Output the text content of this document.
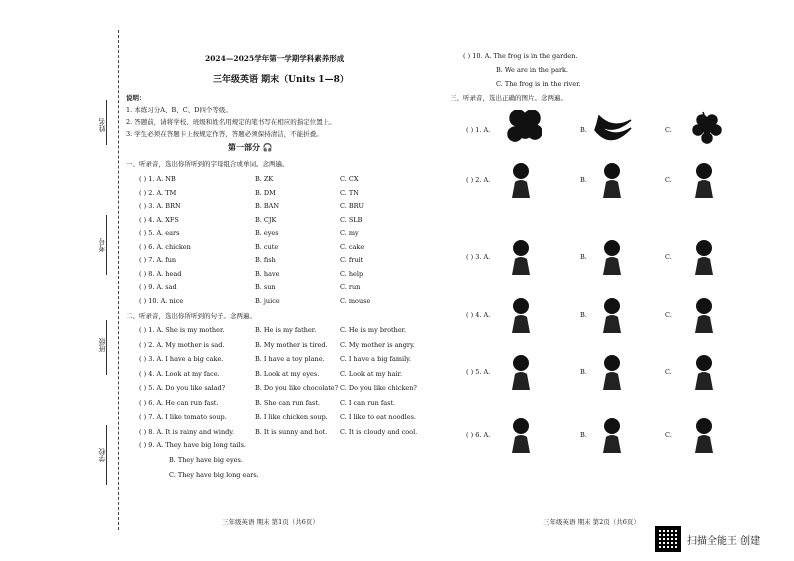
姓名
考号
班级
学校
2024—2025学年第一学期学科素养形成
三年级英语 期末（Units 1—8）
说明：
1. 本练习分A、B、C、D四个等级。
2. 答题前，请将学校、班级和姓名用规定的笔书写在相应的指定位置上。
3. 学生必须在答题卡上按规定作答，答题必须保持清洁，不能折叠。
第一部分 🎧
一、听录音，选出你所听到的字母组合或单词。念两遍。
( ) 1. A. NB	B. ZK	C. CX
( ) 2. A. TM	B. DM	C. TN
( ) 3. A. BRN	B. BAN	C. BRU
( ) 4. A. XFS	B. CJK	C. SLB
( ) 5. A. ears	B. eyes	C. my
( ) 6. A. chicken	B. cute	C. cake
( ) 7. A. fun	B. fish	C. fruit
( ) 8. A. head	B. have	C. help
( ) 9. A. sad	B. sun	C. run
( ) 10. A. nice	B. juice	C. mouse
二、听录音，选出你所听到的句子。念两遍。
( ) 1. A. She is my mother.	B. He is my father.	C. He is my brother.
( ) 2. A. My mother is sad.	B. My mother is tired. C. My mother is angry.
( ) 3. A. I have a big cake.	B. I have a toy plane. C. I have a big family.
( ) 4. A. Look at my face.	B. Look at my eyes.	C. Look at my hair.
( ) 5. A. Do you like salad?	B. Do you like chocolate? C. Do you like chicken?
( ) 6. A. He can run fast.	B. She can run fast.	C. I can run fast.
( ) 7. A. I like tomato soup.	B. I like chicken soup. C. I like to eat noodles.
( ) 8. A. It is rainy and windy.	B. It is sunny and hot. C. It is cloudy and cool.
( ) 9. A. They have big long tails.
B. They have big eyes.
C. They have big long ears.
三年级英语 期末 第1页（共6页）
( ) 10. A. The frog is in the garden.
B. We are in the park.
C. The frog is in the river.
三、听录音，选出正确的图片。念两遍。
( ) 1. A.	B.	C.
( ) 2. A.	B.	C.
( ) 3. A.	B.	C.
( ) 4. A.	B.	C.
( ) 5. A.	B.	C.
( ) 6. A.	B.	C.
三年级英语 期末 第2页（共6页）
扫描全能王 创建
